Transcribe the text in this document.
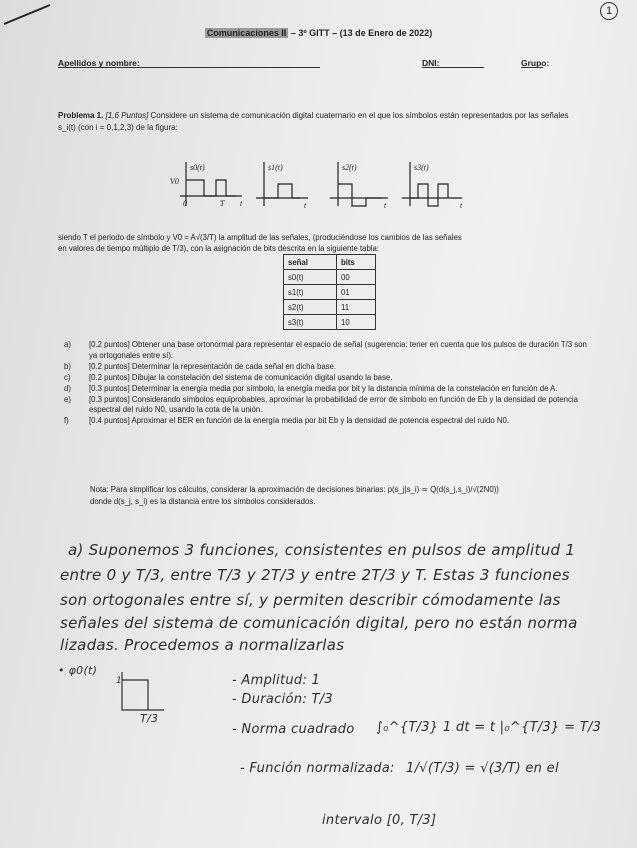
1
Comunicaciones II – 3º GITT – (13 de Enero de 2022)
Apellidos y nombre:	DNI:	Grupo:
Problema 1. [1,6 Puntos] Considere un sistema de comunicación digital cuaternario en el que los símbolos están representados por las señales s_i(t) (con i = 0,1,2,3) de la figura:
s0(t)	s1(t)	s2(t)	s3(t)
V0
0	T t	t	t	t
siendo T el periodo de símbolo y V0 = A√(3/T) la amplitud de las señales, (produciéndose los cambios de las señales
en valores de tiempo múltiplo de T/3), con la asignación de bits descrita en la siguiente tabla:
señal	bits
s0(t)	00
s1(t)	01
s2(t)	11
s3(t)	10
a) [0.2 puntos] Obtener una base ortonormal para representar el espacio de señal (sugerencia: tener en cuenta que los pulsos de duración T/3 son ya ortogonales entre sí).
b) [0.2 puntos] Determinar la representación de cada señal en dicha base.
c) [0.2 puntos] Dibujar la constelación del sistema de comunicación digital usando la base.
d) [0.3 puntos] Determinar la energía media por símbolo, la energía media por bit y la distancia mínima de la constelación en función de A.
e) [0.3 puntos] Considerando símbolos equiprobables, aproximar la probabilidad de error de símbolo en función de Eb y la densidad de potencia espectral del ruido N0, usando la cota de la unión.
f)	[0.4 puntos] Aproximar el BER en función de la energía media por bit Eb y la densidad de potencia espectral del ruido N0.
Nota: Para simplificar los cálculos, considerar la aproximación de decisiones binarias: p(s_j|s_i) ≃ Q(d(s_j,s_i)/√(2N0))
donde d(s_j, s_i) es la distancia entre los símbolos considerados.
a) Suponemos 3 funciones, consistentes en pulsos de amplitud 1
entre 0 y T/3, entre T/3 y 2T/3 y entre 2T/3 y T. Estas 3 funciones
son ortogonales entre sí, y permiten describir cómodamente las
señales del sistema de comunicación digital, pero no están norma
lizadas. Procedemos a normalizarlas
• φ0(t)
1
T/3
- Amplitud: 1
- Duración: T/3
- Norma cuadrado ∫₀^{T/3} 1 dt = t |₀^{T/3} = T/3
- Función normalizada: 1/√(T/3) = √(3/T) en el
intervalo [0, T/3]
